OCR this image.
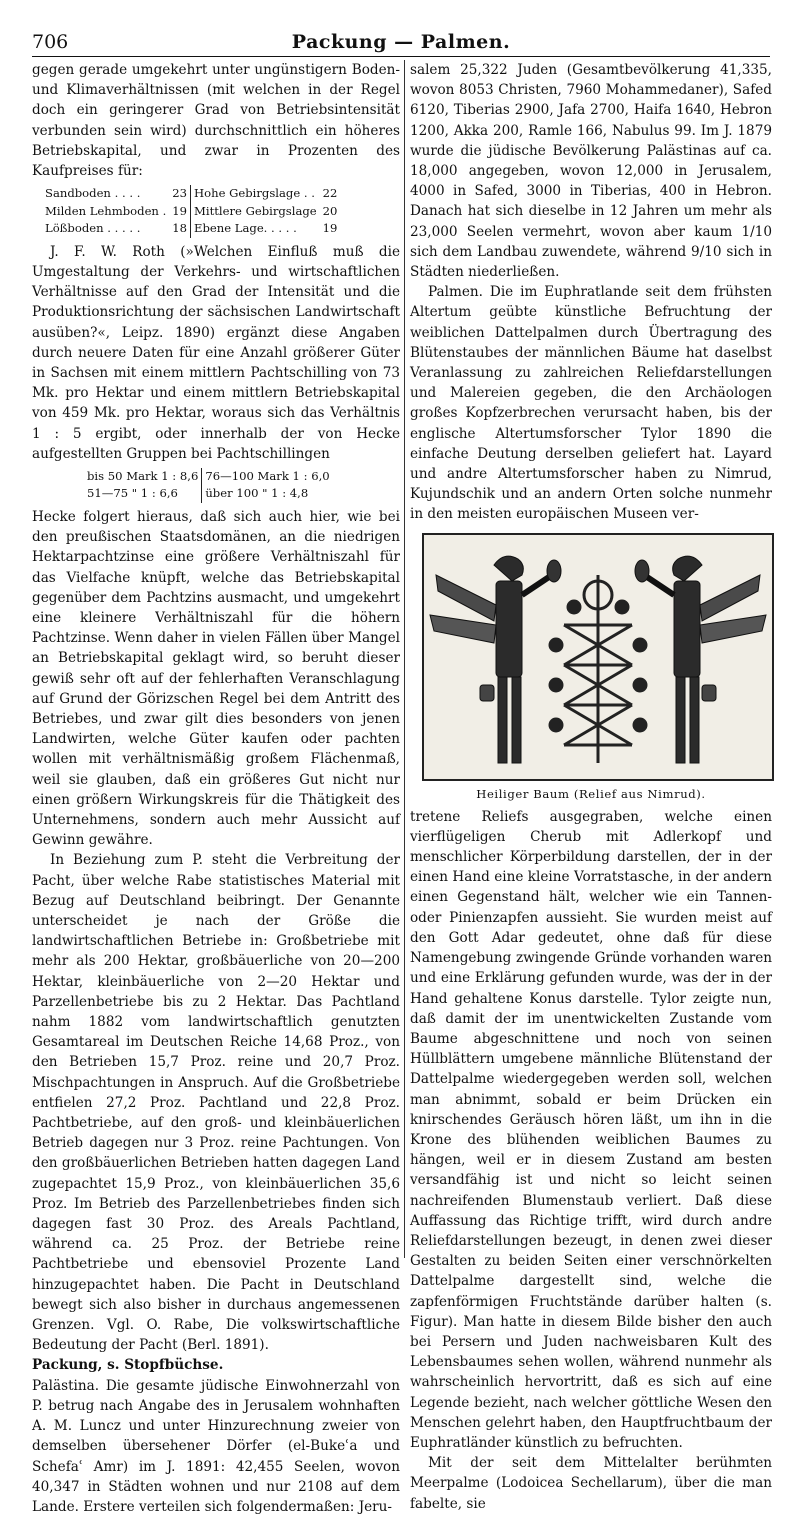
706	Packung — Palmen.

gegen gerade umgekehrt unter ungünstigern Boden- und Klimaverhältnissen (mit welchen in der Regel doch ein geringerer Grad von Betriebsintensität verbunden sein wird) durchschnittlich ein höheres Betriebskapital, und zwar in Prozenten des Kaufpreises für:

Sandboden . . . .	23	Hohe Gebirgslage . .	22
Milden Lehmboden .	19	Mittlere Gebirgslage	20
Lößboden . . . . .	18	Ebene Lage. . . . .	19

J. F. W. Roth (»Welchen Einfluß muß die Umgestaltung der Verkehrs- und wirtschaftlichen Verhältnisse auf den Grad der Intensität und die Produktionsrichtung der sächsischen Landwirtschaft ausüben?«, Leipz. 1890) ergänzt diese Angaben durch neuere Daten für eine Anzahl größerer Güter in Sachsen mit einem mittlern Pachtschilling von 73 Mk. pro Hektar und einem mittlern Betriebskapital von 459 Mk. pro Hektar, woraus sich das Verhältnis 1 : 5 ergibt, oder innerhalb der von Hecke aufgestellten Gruppen bei Pachtschillingen

bis 50 Mark 1 : 8,6	76—100 Mark 1 : 6,0
51—75 " 1 : 6,6	über 100 " 1 : 4,8

Hecke folgert hieraus, daß sich auch hier, wie bei den preußischen Staatsdomänen, an die niedrigen Hektarpachtzinse eine größere Verhältniszahl für das Vielfache knüpft, welche das Betriebskapital gegenüber dem Pachtzins ausmacht, und umgekehrt eine kleinere Verhältniszahl für die höhern Pachtzinse. Wenn daher in vielen Fällen über Mangel an Betriebskapital geklagt wird, so beruht dieser gewiß sehr oft auf der fehlerhaften Veranschlagung auf Grund der Görizschen Regel bei dem Antritt des Betriebes, und zwar gilt dies besonders von jenen Landwirten, welche Güter kaufen oder pachten wollen mit verhältnismäßig großem Flächenmaß, weil sie glauben, daß ein größeres Gut nicht nur einen größern Wirkungskreis für die Thätigkeit des Unternehmens, sondern auch mehr Aussicht auf Gewinn gewähre.

In Beziehung zum P. steht die Verbreitung der Pacht, über welche Rabe statistisches Material mit Bezug auf Deutschland beibringt. Der Genannte unterscheidet je nach der Größe die landwirtschaftlichen Betriebe in: Großbetriebe mit mehr als 200 Hektar, großbäuerliche von 20—200 Hektar, kleinbäuerliche von 2—20 Hektar und Parzellenbetriebe bis zu 2 Hektar. Das Pachtland nahm 1882 vom landwirtschaftlich genutzten Gesamtareal im Deutschen Reiche 14,68 Proz., von den Betrieben 15,7 Proz. reine und 20,7 Proz. Mischpachtungen in Anspruch. Auf die Großbetriebe entfielen 27,2 Proz. Pachtland und 22,8 Proz. Pachtbetriebe, auf den groß- und kleinbäuerlichen Betrieb dagegen nur 3 Proz. reine Pachtungen. Von den großbäuerlichen Betrieben hatten dagegen Land zugepachtet 15,9 Proz., von kleinbäuerlichen 35,6 Proz. Im Betrieb des Parzellenbetriebes finden sich dagegen fast 30 Proz. des Areals Pachtland, während ca. 25 Proz. der Betriebe reine Pachtbetriebe und ebensoviel Prozente Land hinzugepachtet haben. Die Pacht in Deutschland bewegt sich also bisher in durchaus angemessenen Grenzen. Vgl. O. Rabe, Die volkswirtschaftliche Bedeutung der Pacht (Berl. 1891).

Packung, s. Stopfbüchse.

Palästina. Die gesamte jüdische Einwohnerzahl von P. betrug nach Angabe des in Jerusalem wohnhaften A. M. Luncz und unter Hinzurechnung zweier von demselben übersehener Dörfer (el-Bukeʿa und Schefaʿ Amr) im J. 1891: 42,455 Seelen, wovon 40,347 in Städten wohnen und nur 2108 auf dem Lande. Erstere verteilen sich folgendermaßen: Jeru-

salem 25,322 Juden (Gesamtbevölkerung 41,335, wovon 8053 Christen, 7960 Mohammedaner), Safed 6120, Tiberias 2900, Jafa 2700, Haifa 1640, Hebron 1200, Akka 200, Ramle 166, Nabulus 99. Im J. 1879 wurde die jüdische Bevölkerung Palästinas auf ca. 18,000 angegeben, wovon 12,000 in Jerusalem, 4000 in Safed, 3000 in Tiberias, 400 in Hebron. Danach hat sich dieselbe in 12 Jahren um mehr als 23,000 Seelen vermehrt, wovon aber kaum 1/10 sich dem Landbau zuwendete, während 9/10 sich in Städten niederließen.

Palmen. Die im Euphratlande seit dem frühsten Altertum geübte künstliche Befruchtung der weiblichen Dattelpalmen durch Übertragung des Blütenstaubes der männlichen Bäume hat daselbst Veranlassung zu zahlreichen Reliefdarstellungen und Malereien gegeben, die den Archäologen großes Kopfzerbrechen verursacht haben, bis der englische Altertumsforscher Tylor 1890 die einfache Deutung derselben geliefert hat. Layard und andre Altertumsforscher haben zu Nimrud, Kujundschik und an andern Orten solche nunmehr in den meisten europäischen Museen ver-

Heiliger Baum (Relief aus Nimrud).

tretene Reliefs ausgegraben, welche einen vierflügeligen Cherub mit Adlerkopf und menschlicher Körperbildung darstellen, der in der einen Hand eine kleine Vorratstasche, in der andern einen Gegenstand hält, welcher wie ein Tannen- oder Pinienzapfen aussieht. Sie wurden meist auf den Gott Adar gedeutet, ohne daß für diese Namengebung zwingende Gründe vorhanden waren und eine Erklärung gefunden wurde, was der in der Hand gehaltene Konus darstelle. Tylor zeigte nun, daß damit der im unentwickelten Zustande vom Baume abgeschnittene und noch von seinen Hüllblättern umgebene männliche Blütenstand der Dattelpalme wiedergegeben werden soll, welchen man abnimmt, sobald er beim Drücken ein knirschendes Geräusch hören läßt, um ihn in die Krone des blühenden weiblichen Baumes zu hängen, weil er in diesem Zustand am besten versandfähig ist und nicht so leicht seinen nachreifenden Blumenstaub verliert. Daß diese Auffassung das Richtige trifft, wird durch andre Reliefdarstellungen bezeugt, in denen zwei dieser Gestalten zu beiden Seiten einer verschnörkelten Dattelpalme dargestellt sind, welche die zapfenförmigen Fruchtstände darüber halten (s. Figur). Man hatte in diesem Bilde bisher den auch bei Persern und Juden nachweisbaren Kult des Lebensbaumes sehen wollen, während nunmehr als wahrscheinlich hervortritt, daß es sich auf eine Legende bezieht, nach welcher göttliche Wesen den Menschen gelehrt haben, den Hauptfruchtbaum der Euphratländer künstlich zu befruchten.

Mit der seit dem Mittelalter berühmten Meerpalme (Lodoicea Sechellarum), über die man fabelte, sie
